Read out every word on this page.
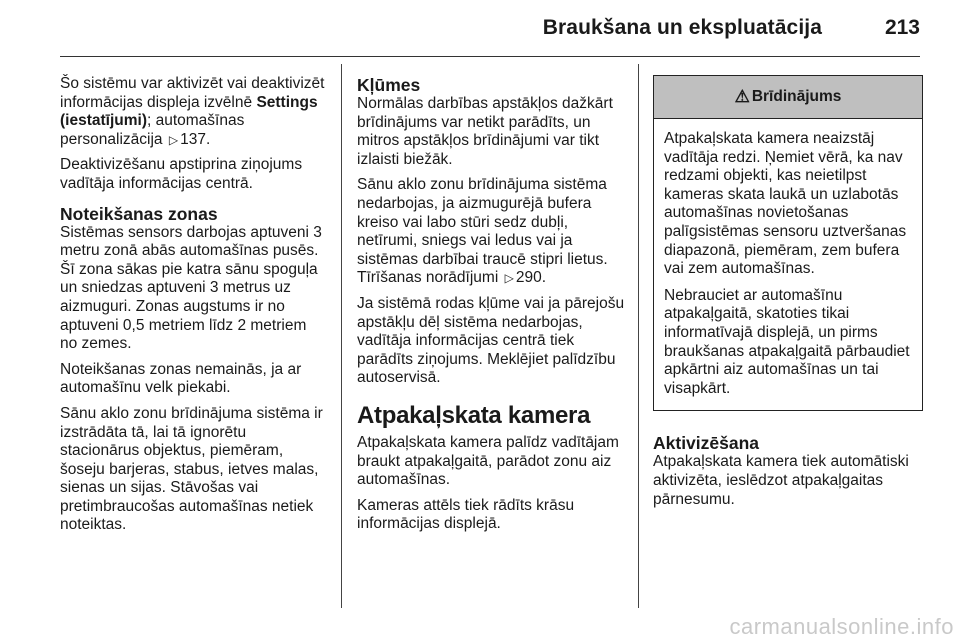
Braukšana un ekspluatācija	213

Šo sistēmu var aktivizēt vai deaktivizēt informācijas displeja izvēlnē Settings (iestatījumi); automašīnas personalizācija ▷ 137.

Deaktivizēšanu apstiprina ziņojums vadītāja informācijas centrā.

Noteikšanas zonas

Sistēmas sensors darbojas aptuveni 3 metru zonā abās automašīnas pusēs. Šī zona sākas pie katra sānu spoguļa un sniedzas aptuveni 3 metrus uz aizmuguri. Zonas augstums ir no aptuveni 0,5 metriem līdz 2 metriem no zemes.

Noteikšanas zonas nemainās, ja ar automašīnu velk piekabi.

Sānu aklo zonu brīdinājuma sistēma ir izstrādāta tā, lai tā ignorētu stacionārus objektus, piemēram, šoseju barjeras, stabus, ietves malas, sienas un sijas. Stāvošas vai pretimbraucošas automašīnas netiek noteiktas.

Kļūmes

Normālas darbības apstākļos dažkārt brīdinājums var netikt parādīts, un mitros apstākļos brīdinājumi var tikt izlaisti biežāk.

Sānu aklo zonu brīdinājuma sistēma nedarbojas, ja aizmugurējā bufera kreiso vai labo stūri sedz dubļi, netīrumi, sniegs vai ledus vai ja sistēmas darbībai traucē stipri lietus. Tīrīšanas norādījumi ▷ 290.

Ja sistēmā rodas kļūme vai ja pārejošu apstākļu dēļ sistēma nedarbojas, vadītāja informācijas centrā tiek parādīts ziņojums. Meklējiet palīdzību autoservisā.

Atpakaļskata kamera

Atpakaļskata kamera palīdz vadītājam braukt atpakaļgaitā, parādot zonu aiz automašīnas.

Kameras attēls tiek rādīts krāsu informācijas displejā.

⚠ Brīdinājums

Atpakaļskata kamera neaizstāj vadītāja redzi. Ņemiet vērā, ka nav redzami objekti, kas neietilpst kameras skata laukā un uzlabotās automašīnas novietošanas palīgsistēmas sensoru uztveršanas diapazonā, piemēram, zem bufera vai zem automašīnas.

Nebrauciet ar automašīnu atpakaļgaitā, skatoties tikai informatīvajā displejā, un pirms braukšanas atpakaļgaitā pārbaudiet apkārtni aiz automašīnas un tai visapkārt.

Aktivizēšana

Atpakaļskata kamera tiek automātiski aktivizēta, ieslēdzot atpakaļgaitas pārnesumu.

carmanualsonline.info
